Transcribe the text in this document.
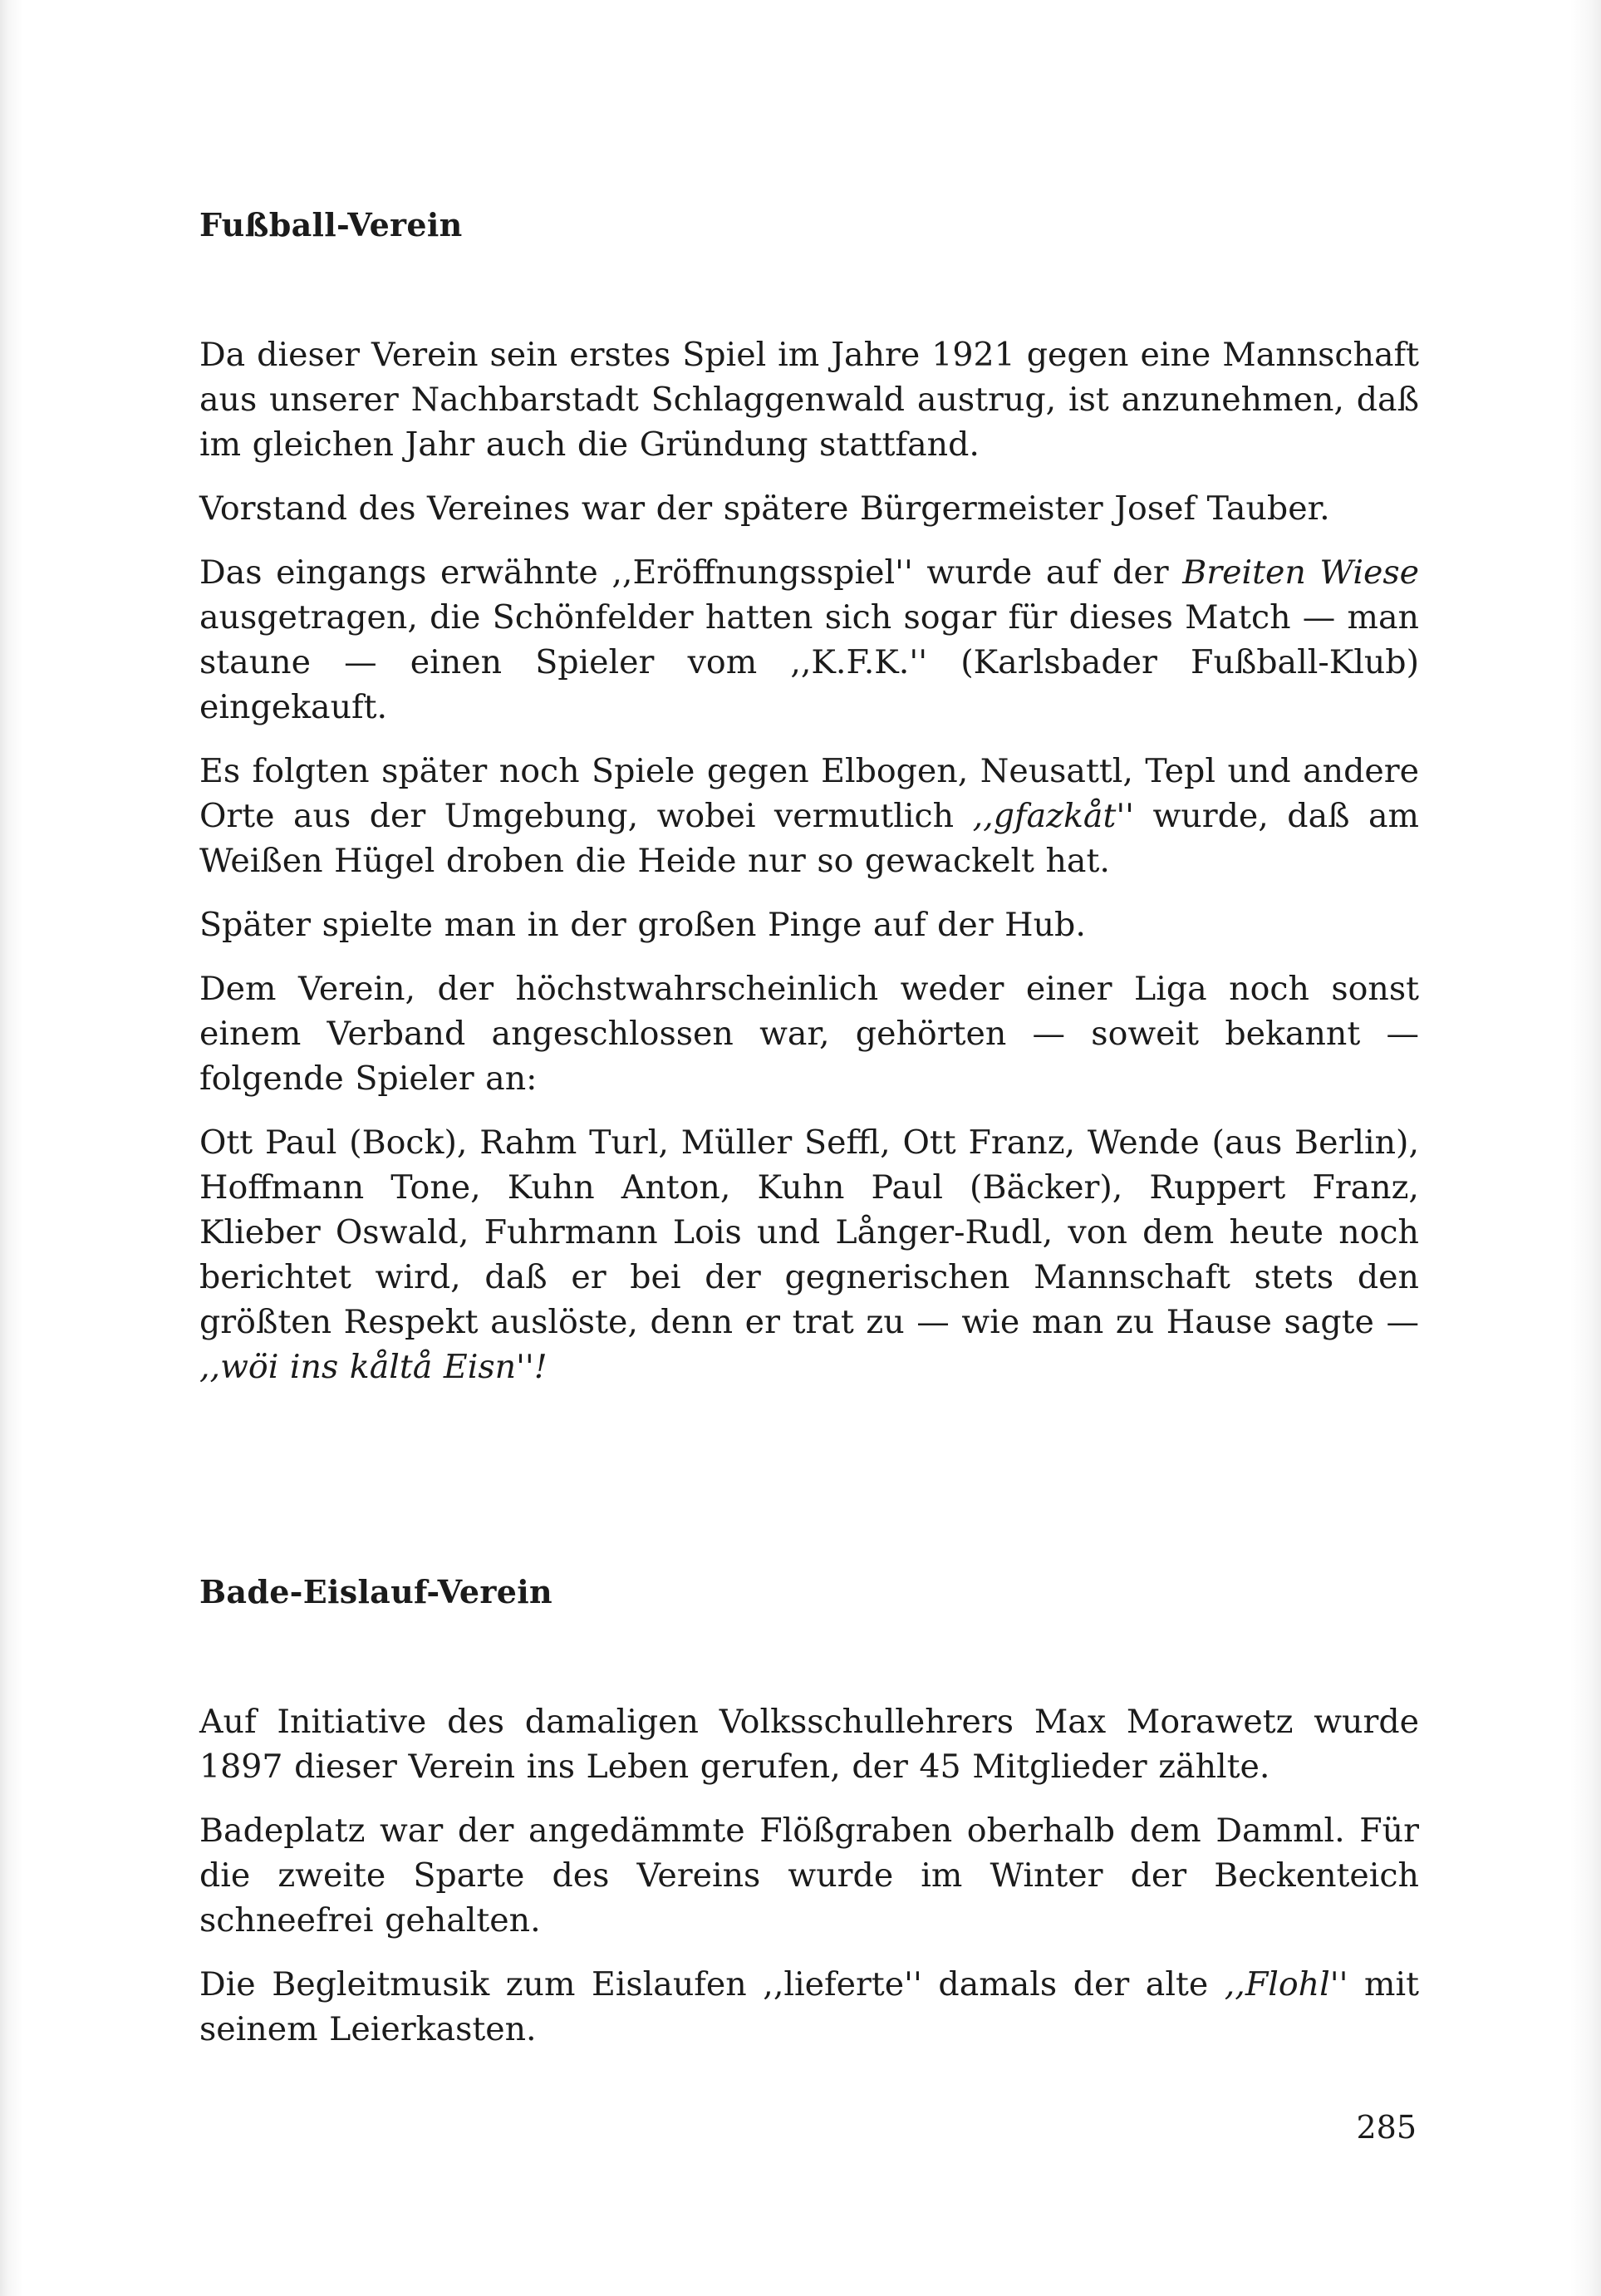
Fußball-Verein

Da dieser Verein sein erstes Spiel im Jahre 1921 gegen eine Mannschaft aus unserer Nachbarstadt Schlaggenwald austrug, ist anzunehmen, daß im gleichen Jahr auch die Gründung stattfand.

Vorstand des Vereines war der spätere Bürgermeister Josef Tauber.

Das eingangs erwähnte ,,Eröffnungsspiel'' wurde auf der Breiten Wiese ausgetragen, die Schönfelder hatten sich sogar für dieses Match — man staune — einen Spieler vom ,,K.F.K.'' (Karlsbader Fußball-Klub) eingekauft.

Es folgten später noch Spiele gegen Elbogen, Neusattl, Tepl und andere Orte aus der Umgebung, wobei vermutlich ,,gfazkåt'' wurde, daß am Weißen Hügel droben die Heide nur so gewackelt hat.

Später spielte man in der großen Pinge auf der Hub.

Dem Verein, der höchstwahrscheinlich weder einer Liga noch sonst einem Verband angeschlossen war, gehörten — soweit bekannt — folgende Spieler an:

Ott Paul (Bock), Rahm Turl, Müller Seffl, Ott Franz, Wende (aus Berlin), Hoffmann Tone, Kuhn Anton, Kuhn Paul (Bäcker), Ruppert Franz, Klieber Oswald, Fuhrmann Lois und Långer-Rudl, von dem heute noch berichtet wird, daß er bei der gegnerischen Mannschaft stets den größten Respekt auslöste, denn er trat zu — wie man zu Hause sagte — ,,wöi ins kåltå Eisn''!

Bade-Eislauf-Verein

Auf Initiative des damaligen Volksschullehrers Max Morawetz wurde 1897 dieser Verein ins Leben gerufen, der 45 Mitglieder zählte.

Badeplatz war der angedämmte Flößgraben oberhalb dem Damml. Für die zweite Sparte des Vereins wurde im Winter der Beckenteich schneefrei gehalten.

Die Begleitmusik zum Eislaufen ,,lieferte'' damals der alte ,,Flohl'' mit seinem Leierkasten.

285
